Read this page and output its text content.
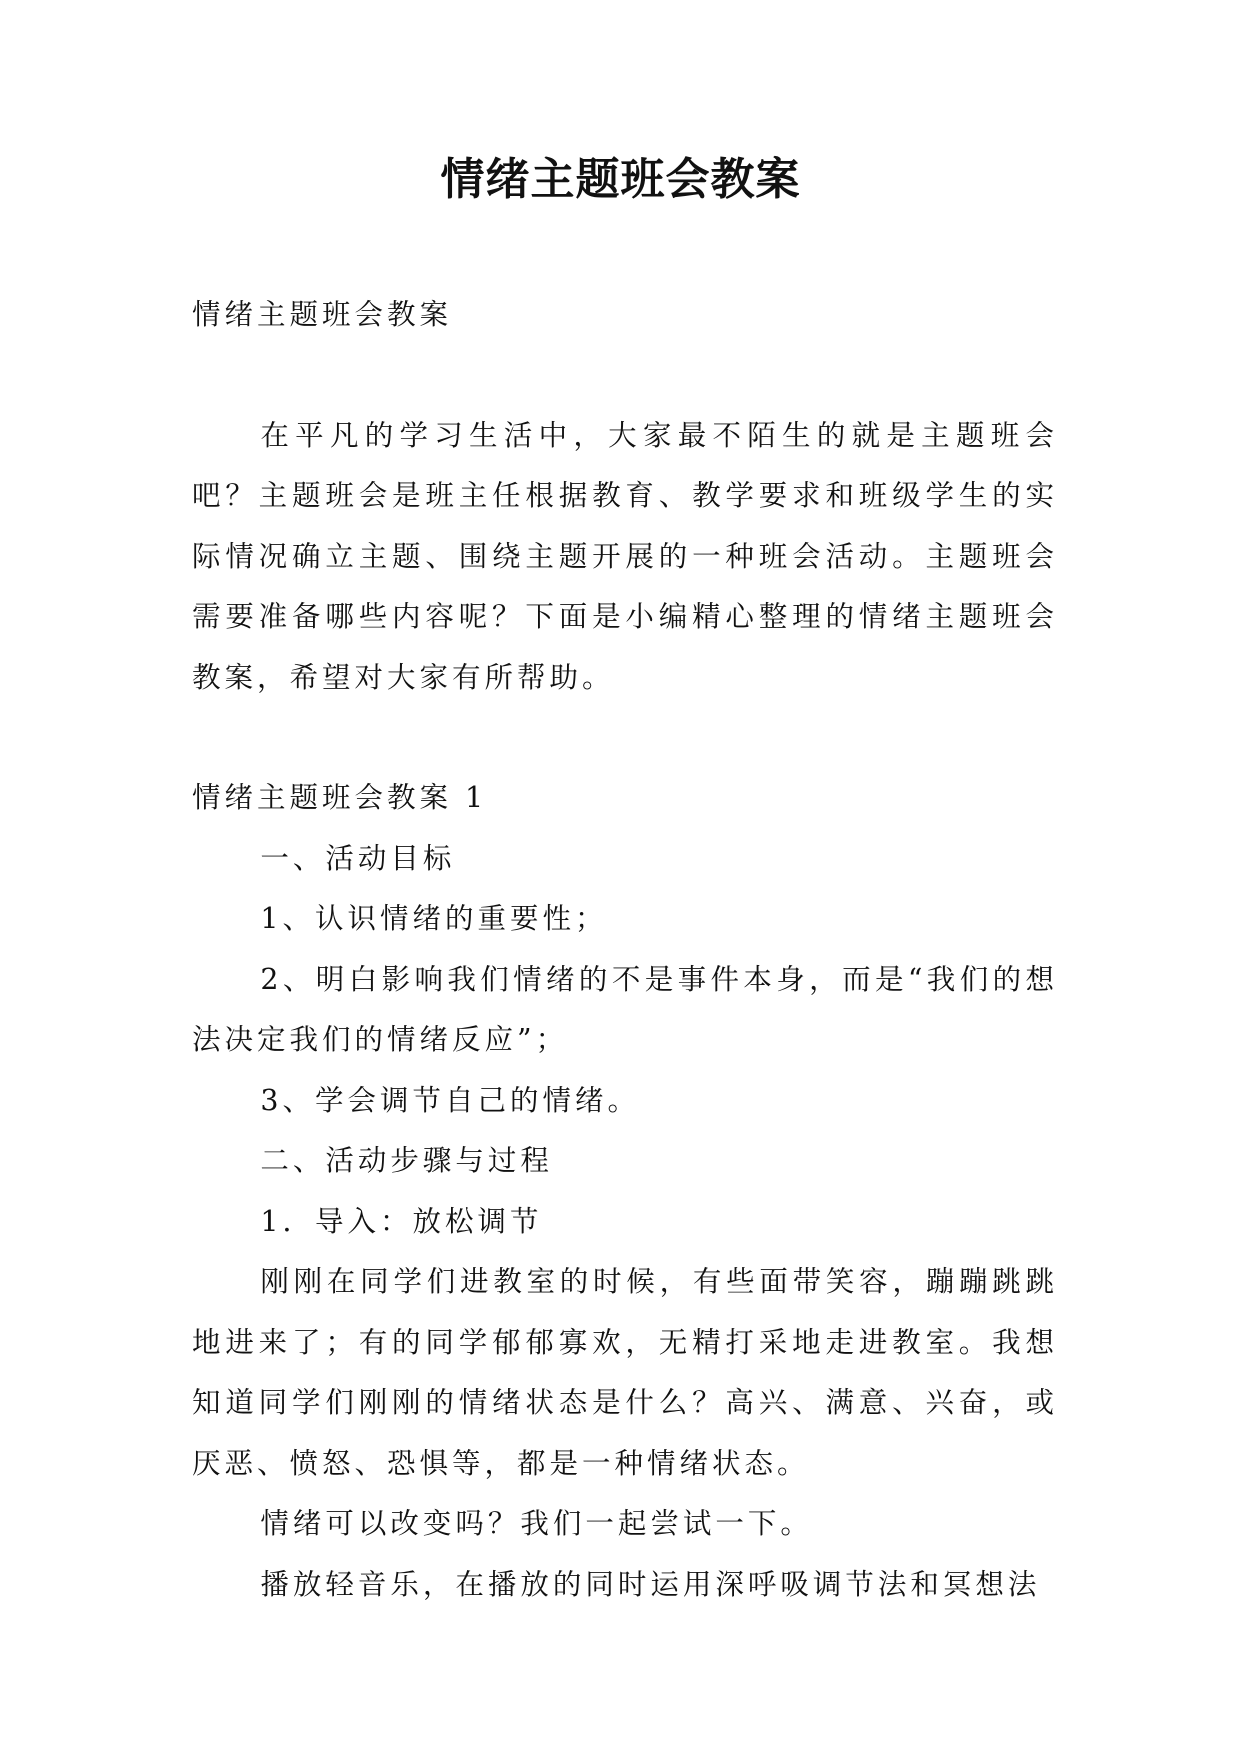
情绪主题班会教案

情绪主题班会教案

在平凡的学习生活中，大家最不陌生的就是主题班会吧？主题班会是班主任根据教育、教学要求和班级学生的实际情况确立主题、围绕主题开展的一种班会活动。主题班会需要准备哪些内容呢？下面是小编精心整理的情绪主题班会教案，希望对大家有所帮助。

情绪主题班会教案 1

一、活动目标

1、认识情绪的重要性；

2、明白影响我们情绪的不是事件本身，而是“我们的想法决定我们的情绪反应”；

3、学会调节自己的情绪。

二、活动步骤与过程

1．导入：放松调节

刚刚在同学们进教室的时候，有些面带笑容，蹦蹦跳跳地进来了；有的同学郁郁寡欢，无精打采地走进教室。我想知道同学们刚刚的情绪状态是什么？高兴、满意、兴奋，或厌恶、愤怒、恐惧等，都是一种情绪状态。

情绪可以改变吗？我们一起尝试一下。

播放轻音乐，在播放的同时运用深呼吸调节法和冥想法
